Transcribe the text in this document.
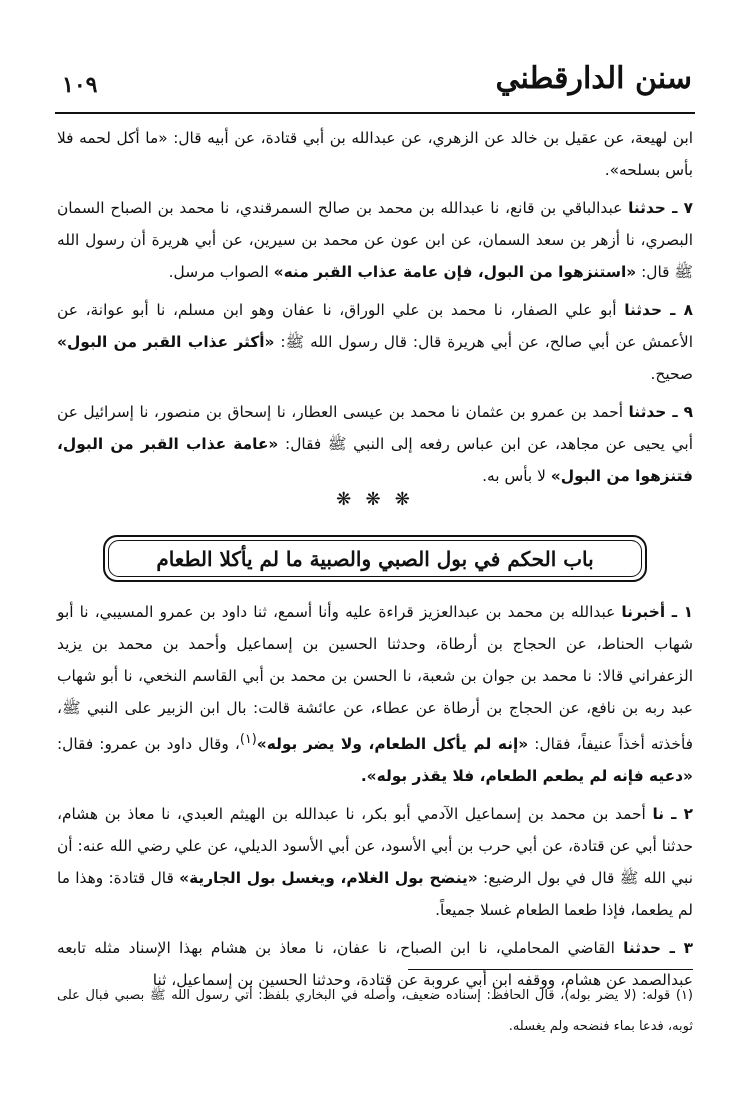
سنن الدارقطني
١٠٩

ابن لهيعة، عن عقيل بن خالد عن الزهري، عن عبدالله بن أبي قتادة، عن أبيه قال: «ما أكل لحمه فلا بأس بسلحه».

٧ ـ حدثنا عبدالباقي بن قانع، نا عبدالله بن محمد بن صالح السمرقندي، نا محمد بن الصباح السمان البصري، نا أزهر بن سعد السمان، عن ابن عون عن محمد بن سيرين، عن أبي هريرة أن رسول الله ﷺ قال: «استنزهوا من البول، فإن عامة عذاب القبر منه» الصواب مرسل.

٨ ـ حدثنا أبو علي الصفار، نا محمد بن علي الوراق، نا عفان وهو ابن مسلم، نا أبو عوانة، عن الأعمش عن أبي صالح، عن أبي هريرة قال: قال رسول الله ﷺ: «أكثر عذاب القبر من البول» صحيح.

٩ ـ حدثنا أحمد بن عمرو بن عثمان نا محمد بن عيسى العطار، نا إسحاق بن منصور، نا إسرائيل عن أبي يحيى عن مجاهد، عن ابن عباس رفعه إلى النبي ﷺ فقال: «عامة عذاب القبر من البول، فتنزهوا من البول» لا بأس به.

❋ ❋ ❋
باب الحكم في بول الصبي والصبية ما لم يأكلا الطعام

١ ـ أخبرنا عبدالله بن محمد بن عبدالعزيز قراءة عليه وأنا أسمع، ثنا داود بن عمرو المسيبي، نا أبو شهاب الحناط، عن الحجاج بن أرطاة، وحدثنا الحسين بن إسماعيل وأحمد بن محمد بن يزيد الزعفراني قالا: نا محمد بن جوان بن شعبة، نا الحسن بن محمد بن أبي القاسم النخعي، نا أبو شهاب عبد ربه بن نافع، عن الحجاج بن أرطاة عن عطاء، عن عائشة قالت: بال ابن الزبير على النبي ﷺ، فأخذته أخذاً عنيفاً، فقال: «إنه لم يأكل الطعام، ولا يضر بوله»$^{(١)}$، وقال داود بن عمرو: فقال: «دعيه فإنه لم يطعم الطعام، فلا يقذر بوله».

٢ ـ نا أحمد بن محمد بن إسماعيل الآدمي أبو بكر، نا عبدالله بن الهيثم العبدي، نا معاذ بن هشام، حدثنا أبي عن قتادة، عن أبي حرب بن أبي الأسود، عن أبي الأسود الديلي، عن علي رضي الله عنه: أن نبي الله ﷺ قال في بول الرضيع: «ينضح بول الغلام، ويغسل بول الجارية» قال قتادة: وهذا ما لم يطعما، فإذا طعما الطعام غسلا جميعاً.

٣ ـ حدثنا القاضي المحاملي، نا ابن الصباح، نا عفان، نا معاذ بن هشام بهذا الإسناد مثله تابعه عبدالصمد عن هشام، ووقفه ابن أبي عروبة عن قتادة، وحدثنا الحسين بن إسماعيل، ثنا

(١) قوله: (لا يضر بوله)، قال الحافظ: إسناده ضعيف، وأصله في البخاري بلفظ: أتي رسول الله ﷺ بصبي فبال على ثوبه، فدعا بماء فنضحه ولم يغسله.
